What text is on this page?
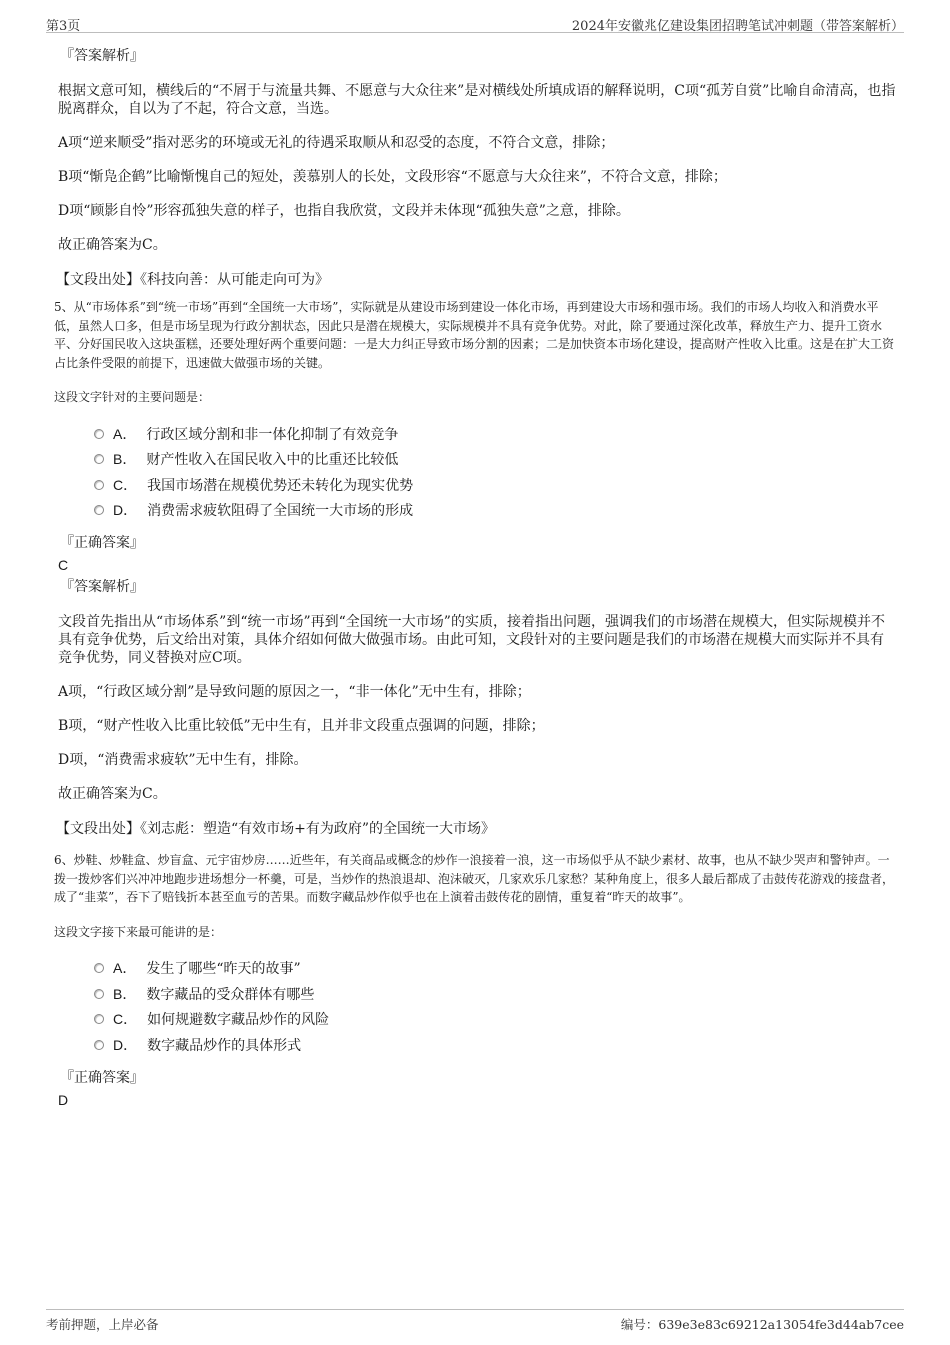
第3页	2024年安徽兆亿建设集团招聘笔试冲刺题（带答案解析）
『答案解析』

根据文意可知，横线后的“不屑于与流量共舞、不愿意与大众往来”是对横线处所填成语的解释说明，C项“孤芳自赏”比喻自命清高，也指脱离群众，自以为了不起，符合文意，当选。

A项“逆来顺受”指对恶劣的环境或无礼的待遇采取顺从和忍受的态度，不符合文意，排除；

B项“惭凫企鹤”比喻惭愧自己的短处，羡慕别人的长处，文段形容“不愿意与大众往来”，不符合文意，排除；

D项“顾影自怜”形容孤独失意的样子，也指自我欣赏，文段并未体现“孤独失意”之意，排除。

故正确答案为C。

【文段出处】《科技向善：从可能走向可为》

5、从“市场体系”到“统一市场”再到“全国统一大市场”，实际就是从建设市场到建设一体化市场，再到建设大市场和强市场。我们的市场人均收入和消费水平低，虽然人口多，但是市场呈现为行政分割状态，因此只是潜在规模大，实际规模并不具有竞争优势。对此，除了要通过深化改革，释放生产力、提升工资水平、分好国民收入这块蛋糕，还要处理好两个重要问题：一是大力纠正导致市场分割的因素；二是加快资本市场化建设，提高财产性收入比重。这是在扩大工资占比条件受限的前提下，迅速做大做强市场的关键。

这段文字针对的主要问题是：
A． 行政区域分割和非一体化抑制了有效竞争
B． 财产性收入在国民收入中的比重还比较低
C． 我国市场潜在规模优势还未转化为现实优势
D． 消费需求疲软阻碍了全国统一大市场的形成
『正确答案』
C
『答案解析』

文段首先指出从“市场体系”到“统一市场”再到“全国统一大市场”的实质，接着指出问题，强调我们的市场潜在规模大，但实际规模并不具有竞争优势，后文给出对策，具体介绍如何做大做强市场。由此可知，文段针对的主要问题是我们的市场潜在规模大而实际并不具有竞争优势，同义替换对应C项。

A项，“行政区域分割”是导致问题的原因之一，“非一体化”无中生有，排除；

B项，“财产性收入比重比较低”无中生有，且并非文段重点强调的问题，排除；

D项，“消费需求疲软”无中生有，排除。

故正确答案为C。

【文段出处】《刘志彪：塑造“有效市场+有为政府”的全国统一大市场》

6、炒鞋、炒鞋盒、炒盲盒、元宇宙炒房……近些年，有关商品或概念的炒作一浪接着一浪，这一市场似乎从不缺少素材、故事，也从不缺少哭声和警钟声。一拨一拨炒客们兴冲冲地跑步进场想分一杯羹，可是，当炒作的热浪退却、泡沫破灭，几家欢乐几家愁？某种角度上，很多人最后都成了击鼓传花游戏的接盘者，成了“韭菜”，吞下了赔钱折本甚至血亏的苦果。而数字藏品炒作似乎也在上演着击鼓传花的剧情，重复着“昨天的故事”。

这段文字接下来最可能讲的是：
A． 发生了哪些“昨天的故事”
B． 数字藏品的受众群体有哪些
C． 如何规避数字藏品炒作的风险
D． 数字藏品炒作的具体形式
『正确答案』
D
考前押题，上岸必备	编号：639e3e83c69212a13054fe3d44ab7cee
